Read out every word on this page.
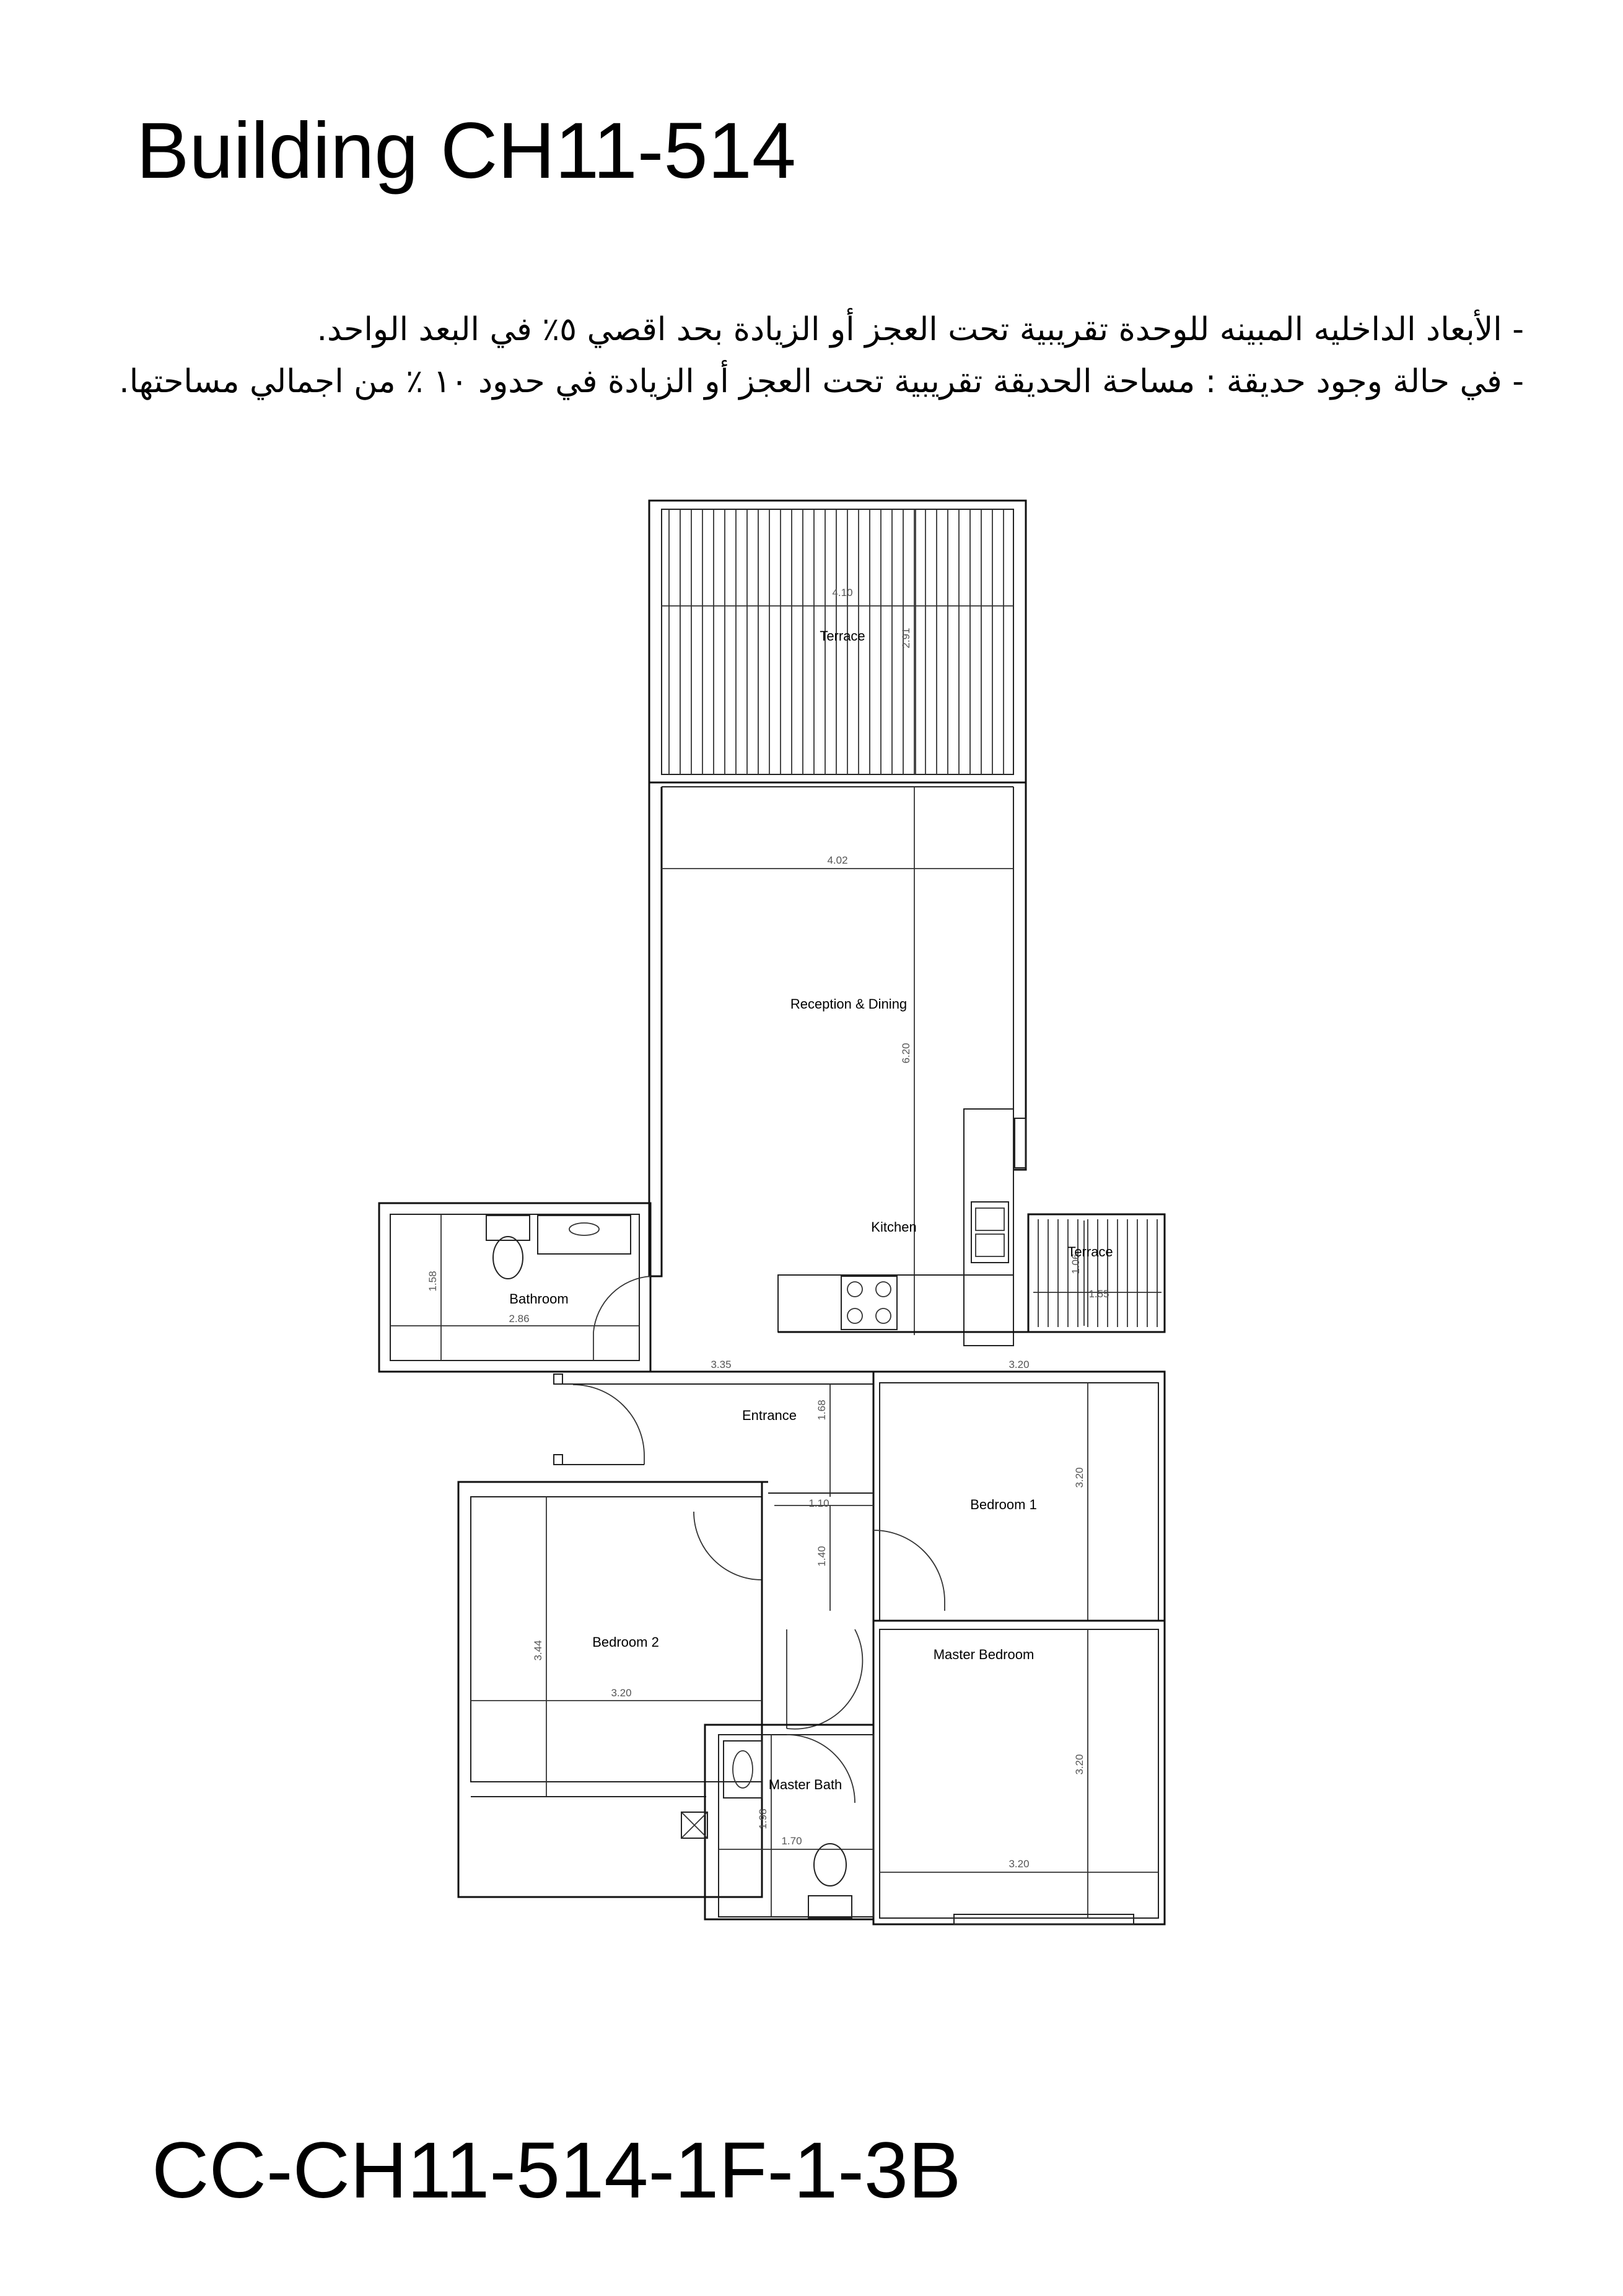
Building CH11-514
- الأبعاد الداخليه المبينه للوحدة تقريبية تحت العجز أو الزيادة بحد اقصي ٥٪ في البعد الواحد.
- في حالة وجود حديقة : مساحة الحديقة تقريبية تحت العجز أو الزيادة في حدود ١٠ ٪ من اجمالي مساحتها.
Terrace
Reception & Dining
Kitchen
Terrace
Bathroom
Entrance
Bedroom 1
Bedroom 2
Master Bedroom
Master Bath
4.10
2.91
4.02
6.20
1.55
1.06
2.86
1.58
3.35
1.68
3.20
3.20
1.10
1.40
3.20
3.44
3.20
3.20
1.70
1.98
CC-CH11-514-1F-1-3B
